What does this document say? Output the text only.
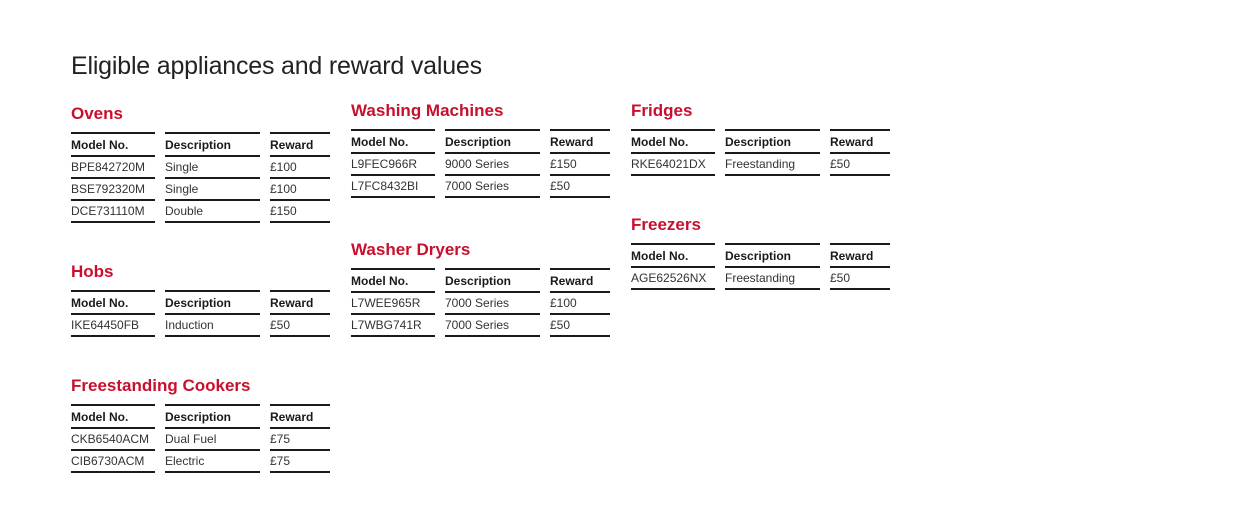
Eligible appliances and reward values
Ovens
Model No.	Description	Reward
BPE842720M	Single	£100
BSE792320M	Single	£100
DCE731110M	Double	£150
Hobs
Model No.	Description	Reward
IKE64450FB	Induction	£50
Freestanding Cookers
Model No.	Description	Reward
CKB6540ACM	Dual Fuel	£75
CIB6730ACM	Electric	£75
Washing Machines
Model No.	Description	Reward
L9FEC966R	9000 Series	£150
L7FC8432BI	7000 Series	£50
Washer Dryers
Model No.	Description	Reward
L7WEE965R	7000 Series	£100
L7WBG741R	7000 Series	£50
Fridges
Model No.	Description	Reward
RKE64021DX	Freestanding	£50
Freezers
Model No.	Description	Reward
AGE62526NX	Freestanding	£50
